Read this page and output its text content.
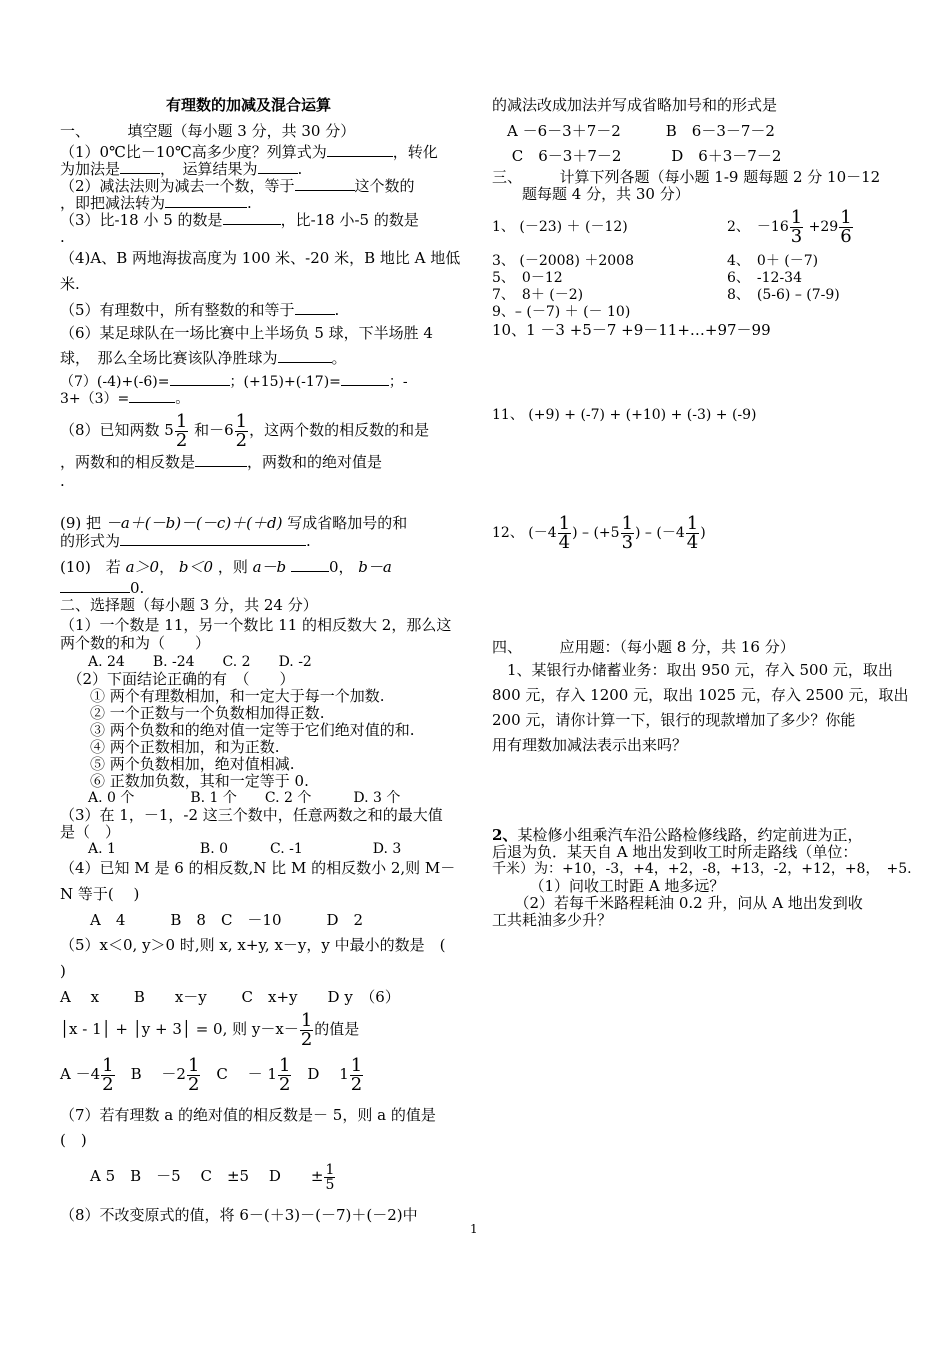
有理数的加减及混合运算
一、　　　填空题（每小题 3 分，共 30 分）
（1）0℃比－10℃高多少度？列算式为	，转化
为加法是	，　运算结果为	.
（2）减法法则为减去一个数，等于	这个数的
，即把减法转为	.
（3）比-18 小 5 的数是	，比-18 小-5 的数是
.
（4)A、B 两地海拔高度为 100 米、-20 米，B 地比 A 地低
米.
（5）有理数中，所有整数的和等于	.
（6）某足球队在一场比赛中上半场负 5 球，下半场胜 4
球，　那么全场比赛该队净胜球为	。
（7）(-4)+(-6)=	；(+15)+(-17)=	；-
3+（3）=	。
（8）已知两数 $5 \frac{1}{2}$ 和$-6 \frac{1}{2}$ ，这两个数的相反数的和是
，两数和的相反数是	，两数和的绝对值是
.
(9) 把 －a＋(－b)－(－c)＋(＋d) 写成省略加号的和
的形式为	.
(10)　若 a＞0， b＜0 ，则 a－b	0， b－a
0.
二、选择题（每小题 3 分，共 24 分）
（1）一个数是 11，另一个数比 11 的相反数大 2，那么这
两个数的和为（　　）
　　A. 24　　B. -24　　C. 2　　D. -2
　（2）下面结论正确的有　（　　）
　　① 两个有理数相加，和一定大于每一个加数.
　　② 一个正数与一个负数相加得正数.
　　③ 两个负数和的绝对值一定等于它们绝对值的和.
　　④ 两个正数相加，和为正数.
　　⑤ 两个负数相加，绝对值相减.
　　⑥ 正数加负数，其和一定等于 0.
　　A. 0 个　　　　B. 1 个　　C. 2 个　　　D. 3 个
（3）在 1，－1，-2 这三个数中，任意两数之和的最大值
是（　）
　　A. 1　　　　　　B. 0　　　C. -1　　　　　D. 3
（4）已知 M 是 6 的相反数,N 比 M 的相反数小 2,则 M－
N 等于(　 )
　　A　4　　　B　8　C　－10　　　D　2
（5）x＜0, y＞0 时,则 x, x+y, x－y，y 中最小的数是　(
)
A　 x　　 B　　x－y　　 C　x+y　　D y　（6）
│x - 1│ + │y + 3│ = 0, 则 $y-x- \frac{1}{2}$ 的值是
$A -4 \frac{1}{2}$ 　B　 $-2 \frac{1}{2}$ 　C　 － $1 \frac{1}{2}$ 　D　 $1 \frac{1}{2}$
（7）若有理数 a 的绝对值的相反数是－ 5，则 a 的值是
(　)
　　A 5　B　－5　 C　±5　 D　　± $\frac{1}{5}$
（8）不改变原式的值，将 6－(＋3)－(－7)＋(－2)中
的减法改成加法并写成省略加号和的形式是
　A －6－3＋7－2　　　B　6－3－7－2
　 C　6－3＋7－2　　　 D　6＋3－7－2
三、　　　计算下列各题（每小题 1-9 题每题 2 分 10－12
　　题每题 4 分，共 30 分）
1、 (－23) ＋ (－12)	2、　$-16 \frac{1}{3} +29 \frac{1}{6}$
3、 (－2008) ＋2008	4、　0＋ (－7)
5、　0－12	6、　-12-34
7、　8＋ (－2)	8、　(5-6) – (7-9)
9、– (－7) ＋ (－ 10)
10、1 －3 +5－7 +9－11+…+97－99
11、 (+9) + (-7) + (+10) + (-3) + (-9)
12、 ($-4 \frac{1}{4}$ ) – ($+5 \frac{1}{3}$ ) – ($-4 \frac{1}{4}$ )
四、　　　应用题：（每小题 8 分，共 16 分）
　1、某银行办储蓄业务：取出 950 元，存入 500 元，取出
800 元，存入 1200 元，取出 1025 元，存入 2500 元，取出
200 元，请你计算一下，银行的现款增加了多少？你能
用有理数加减法表示出来吗？
2、某检修小组乘汽车沿公路检修线路，约定前进为正，
后退为负．某天自 A 地出发到收工时所走路线（单位：
千米）为：+10，-3，+4，+2，-8，+13，-2，+12，+8，　+5.
　　　（1）问收工时距 A 地多远？
　　（2）若每千米路程耗油 0.2 升，问从 A 地出发到收
工共耗油多少升？
1
